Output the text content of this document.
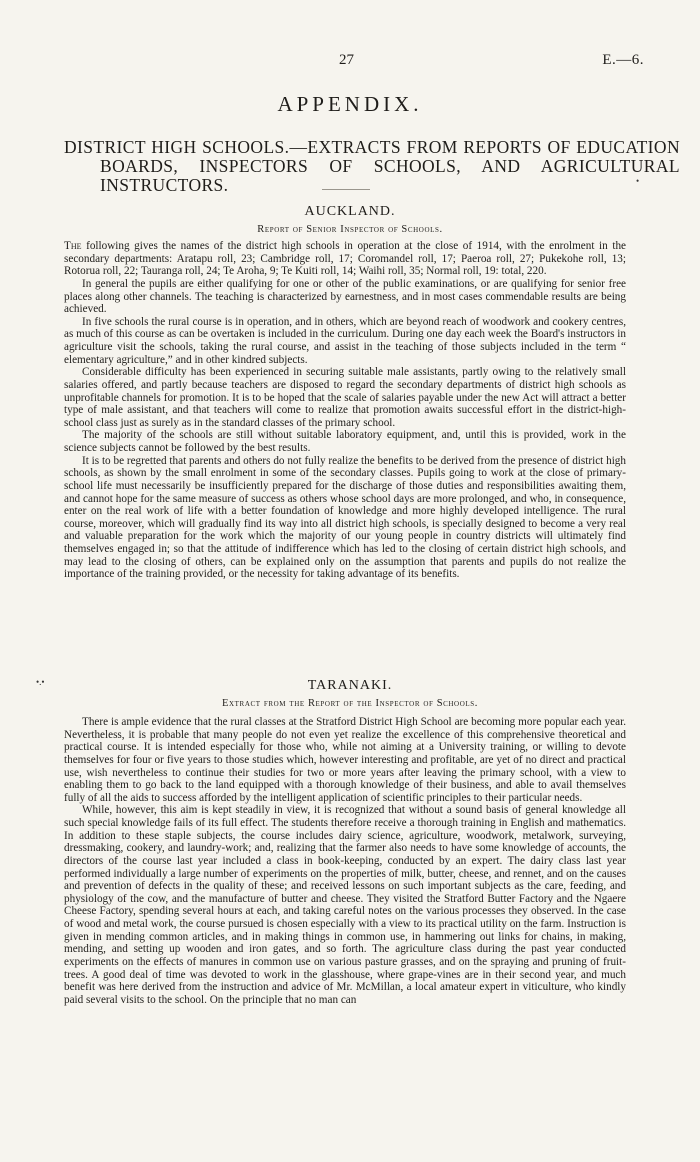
27	E.—6.
APPENDIX.
DISTRICT HIGH SCHOOLS.—EXTRACTS FROM REPORTS OF EDUCATION BOARDS, INSPECTORS OF SCHOOLS, AND AGRICULTURAL INSTRUCTORS.	•
AUCKLAND.
Report of Senior Inspector of Schools.

The following gives the names of the district high schools in operation at the close of 1914, with the enrolment in the secondary departments: Aratapu roll, 23; Cambridge roll, 17; Coromandel roll, 17; Paeroa roll, 27; Pukekohe roll, 13; Rotorua roll, 22; Tauranga roll, 24; Te Aroha, 9; Te Kuiti roll, 14; Waihi roll, 35; Normal roll, 19: total, 220.

In general the pupils are either qualifying for one or other of the public examinations, or are qualifying for senior free places along other channels. The teaching is characterized by earnestness, and in most cases commendable results are being achieved.

In five schools the rural course is in operation, and in others, which are beyond reach of woodwork and cookery centres, as much of this course as can be overtaken is included in the curriculum. During one day each week the Board's instructors in agriculture visit the schools, taking the rural course, and assist in the teaching of those subjects included in the term “ elementary agriculture,” and in other kindred subjects.

Considerable difficulty has been experienced in securing suitable male assistants, partly owing to the relatively small salaries offered, and partly because teachers are disposed to regard the secondary departments of district high schools as unprofitable channels for promotion. It is to be hoped that the scale of salaries payable under the new Act will attract a better type of male assistant, and that teachers will come to realize that promotion awaits successful effort in the district-high-school class just as surely as in the standard classes of the primary school.

The majority of the schools are still without suitable laboratory equipment, and, until this is provided, work in the science subjects cannot be followed by the best results.

It is to be regretted that parents and others do not fully realize the benefits to be derived from the presence of district high schools, as shown by the small enrolment in some of the secondary classes. Pupils going to work at the close of primary-school life must necessarily be insufficiently prepared for the discharge of those duties and responsibilities awaiting them, and cannot hope for the same measure of success as others whose school days are more prolonged, and who, in consequence, enter on the real work of life with a better foundation of knowledge and more highly developed intelligence. The rural course, moreover, which will gradually find its way into all district high schools, is specially designed to become a very real and valuable preparation for the work which the majority of our young people in country districts will ultimately find themselves engaged in; so that the attitude of indifference which has led to the closing of certain district high schools, and may lead to the closing of others, can be explained only on the assumption that parents and pupils do not realize the importance of the training provided, or the necessity for taking advantage of its benefits.

•.•	TARANAKI.
Extract from the Report of the Inspector of Schools.

There is ample evidence that the rural classes at the Stratford District High School are becoming more popular each year. Nevertheless, it is probable that many people do not even yet realize the excellence of this comprehensive theoretical and practical course. It is intended especially for those who, while not aiming at a University training, or willing to devote themselves for four or five years to those studies which, however interesting and profitable, are yet of no direct and practical use, wish nevertheless to continue their studies for two or more years after leaving the primary school, with a view to enabling them to go back to the land equipped with a thorough knowledge of their business, and able to avail themselves fully of all the aids to success afforded by the intelligent application of scientific principles to their particular needs.

While, however, this aim is kept steadily in view, it is recognized that without a sound basis of general knowledge all such special knowledge fails of its full effect. The students therefore receive a thorough training in English and mathematics. In addition to these staple subjects, the course includes dairy science, agriculture, woodwork, metalwork, surveying, dressmaking, cookery, and laundry-work; and, realizing that the farmer also needs to have some knowledge of accounts, the directors of the course last year included a class in book-keeping, conducted by an expert. The dairy class last year performed individually a large number of experiments on the properties of milk, butter, cheese, and rennet, and on the causes and prevention of defects in the quality of these; and received lessons on such important subjects as the care, feeding, and physiology of the cow, and the manufacture of butter and cheese. They visited the Stratford Butter Factory and the Ngaere Cheese Factory, spending several hours at each, and taking careful notes on the various processes they observed. In the case of wood and metal work, the course pursued is chosen especially with a view to its practical utility on the farm. Instruction is given in mending common articles, and in making things in common use, in hammering out links for chains, in making, mending, and setting up wooden and iron gates, and so forth. The agriculture class during the past year conducted experiments on the effects of manures in common use on various pasture grasses, and on the spraying and pruning of fruit-trees. A good deal of time was devoted to work in the glasshouse, where grape-vines are in their second year, and much benefit was here derived from the instruction and advice of Mr. McMillan, a local amateur expert in viticulture, who kindly paid several visits to the school. On the principle that no man can
